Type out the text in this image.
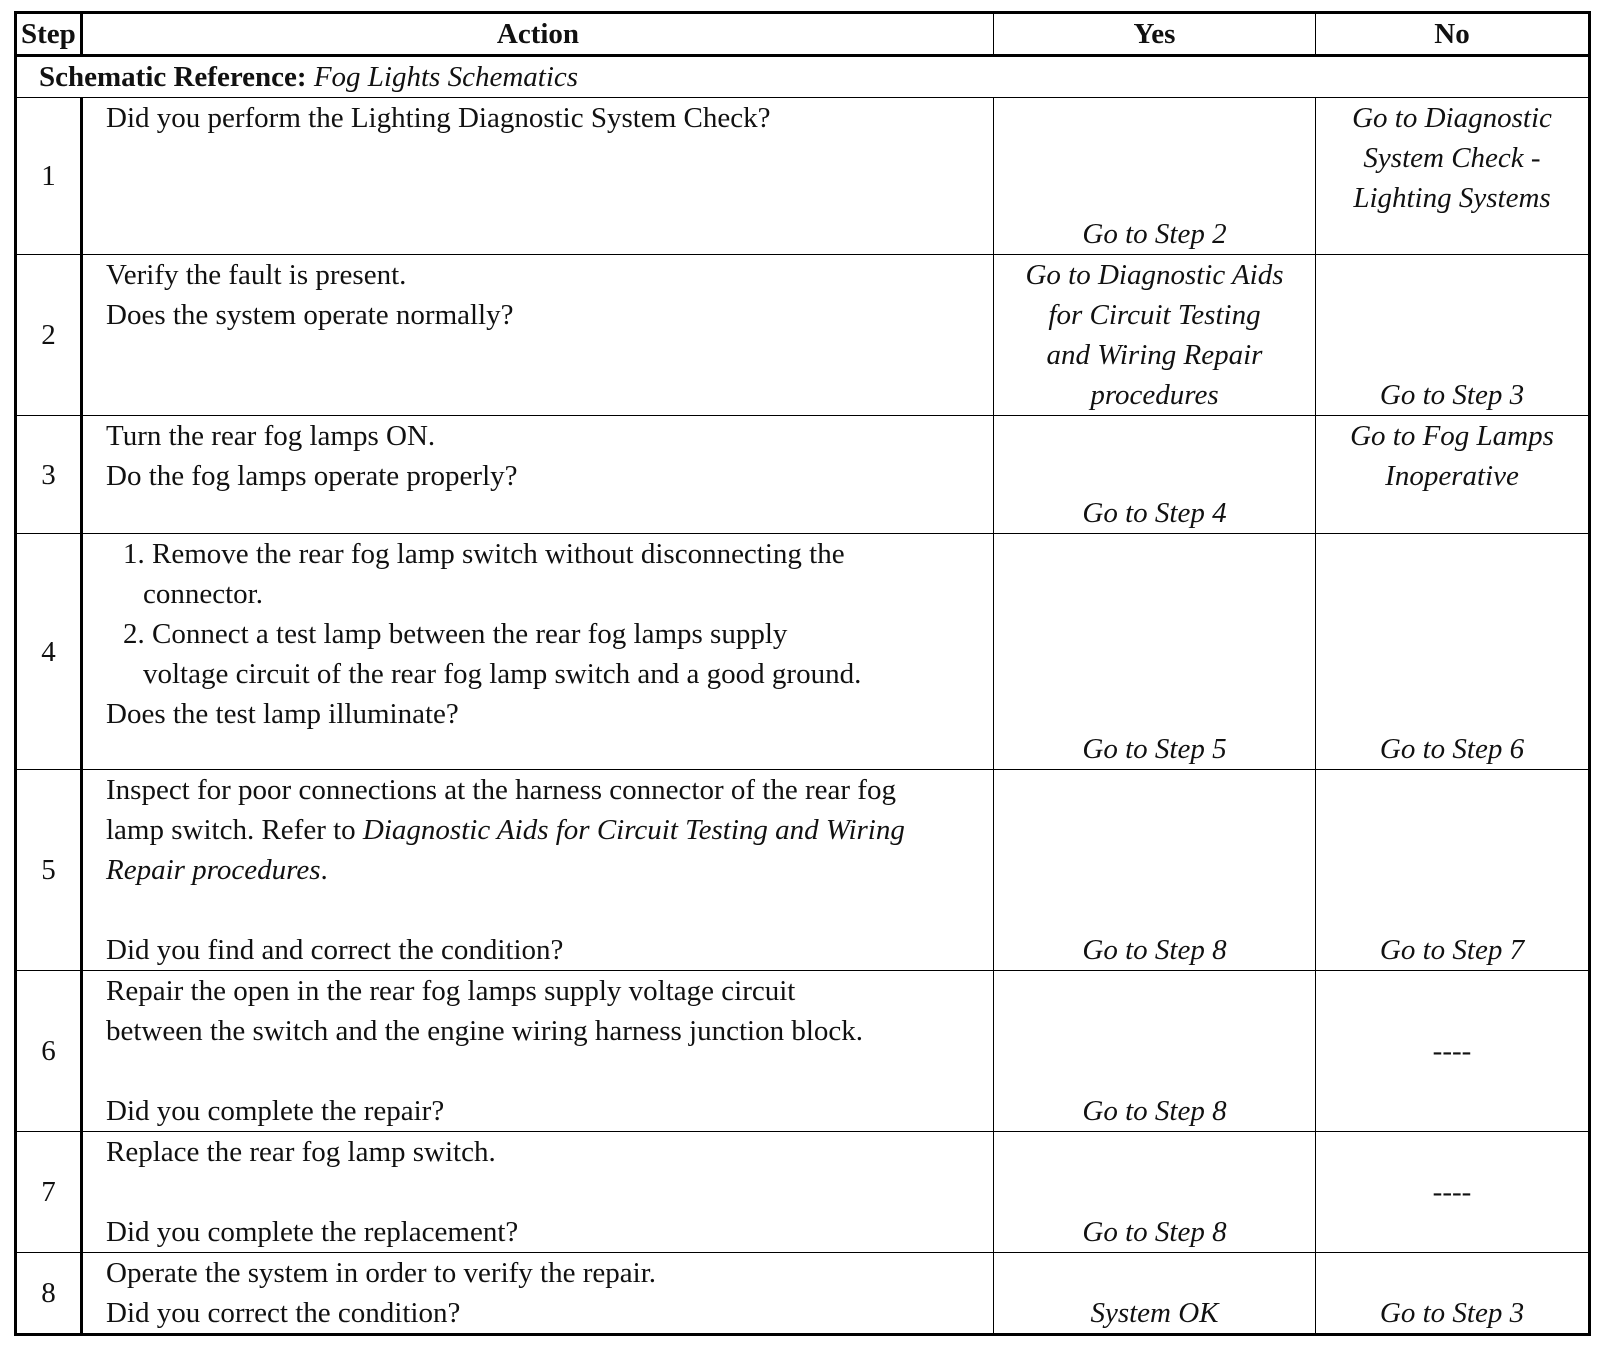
Step	Action	Yes	No
Schematic Reference: Fog Lights Schematics			
1	Did you perform the Lighting Diagnostic System Check?	Go to Step 2	Go to Diagnostic
System Check -
Lighting Systems

2	Verify the fault is present.
Does the system operate normally?	Go to Diagnostic Aids
for Circuit Testing
and Wiring Repair
procedures	Go to Step 3

3	Turn the rear fog lamps ON.
Do the fog lamps operate properly?	Go to Step 4	Go to Fog Lamps
Inoperative

4	1. Remove the rear fog lamp switch without disconnecting the connector.
2. Connect a test lamp between the rear fog lamps supply voltage circuit of the rear fog lamp switch and a good ground.
Does the test lamp illuminate?	Go to Step 5	Go to Step 6

5	Inspect for poor connections at the harness connector of the rear fog lamp switch. Refer to Diagnostic Aids for Circuit Testing and Wiring Repair procedures.
Did you find and correct the condition?	Go to Step 8	Go to Step 7

6	Repair the open in the rear fog lamps supply voltage circuit
between the switch and the engine wiring harness junction block.
Did you complete the repair?	Go to Step 8	----

7	Replace the rear fog lamp switch.
Did you complete the replacement?	Go to Step 8	----

8	Operate the system in order to verify the repair.
Did you correct the condition?	System OK	Go to Step 3
